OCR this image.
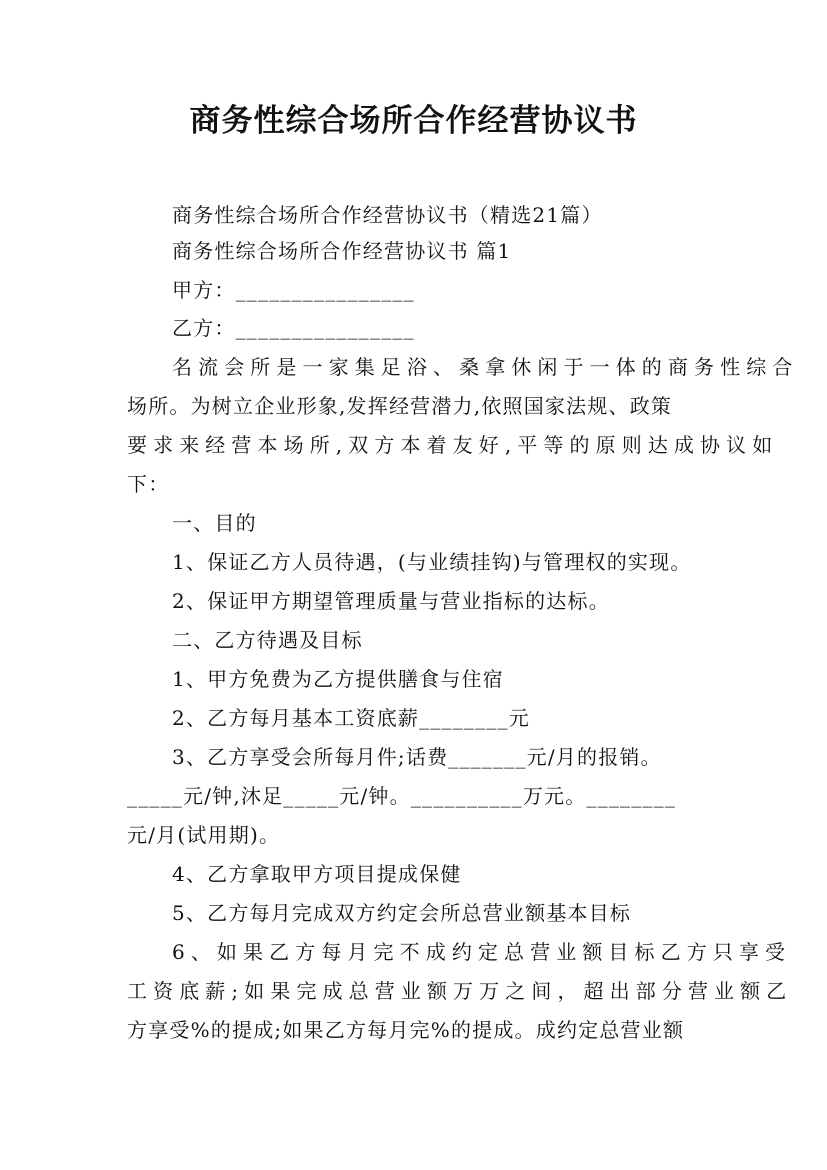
商务性综合场所合作经营协议书
商务性综合场所合作经营协议书（精选21篇）
商务性综合场所合作经营协议书 篇1
甲方：________________
乙方：________________
名流会所是一家集足浴、桑拿休闲于一体的商务性综合
场所。为树立企业形象,发挥经营潜力,依照国家法规、政策
要求来经营本场所,双方本着友好,平等的原则达成协议如
下：
一、目的
1、保证乙方人员待遇，(与业绩挂钩)与管理权的实现。
2、保证甲方期望管理质量与营业指标的达标。
二、乙方待遇及目标
1、甲方免费为乙方提供膳食与住宿
2、乙方每月基本工资底薪________元
3、乙方享受会所每月件;话费_______元/月的报销。
_____元/钟,沐足_____元/钟。__________万元。________
元/月(试用期)。
4、乙方拿取甲方项目提成保健
5、乙方每月完成双方约定会所总营业额基本目标
6、如果乙方每月完不成约定总营业额目标乙方只享受
工资底薪;如果完成总营业额万万之间，超出部分营业额乙
方享受%的提成;如果乙方每月完%的提成。成约定总营业额
